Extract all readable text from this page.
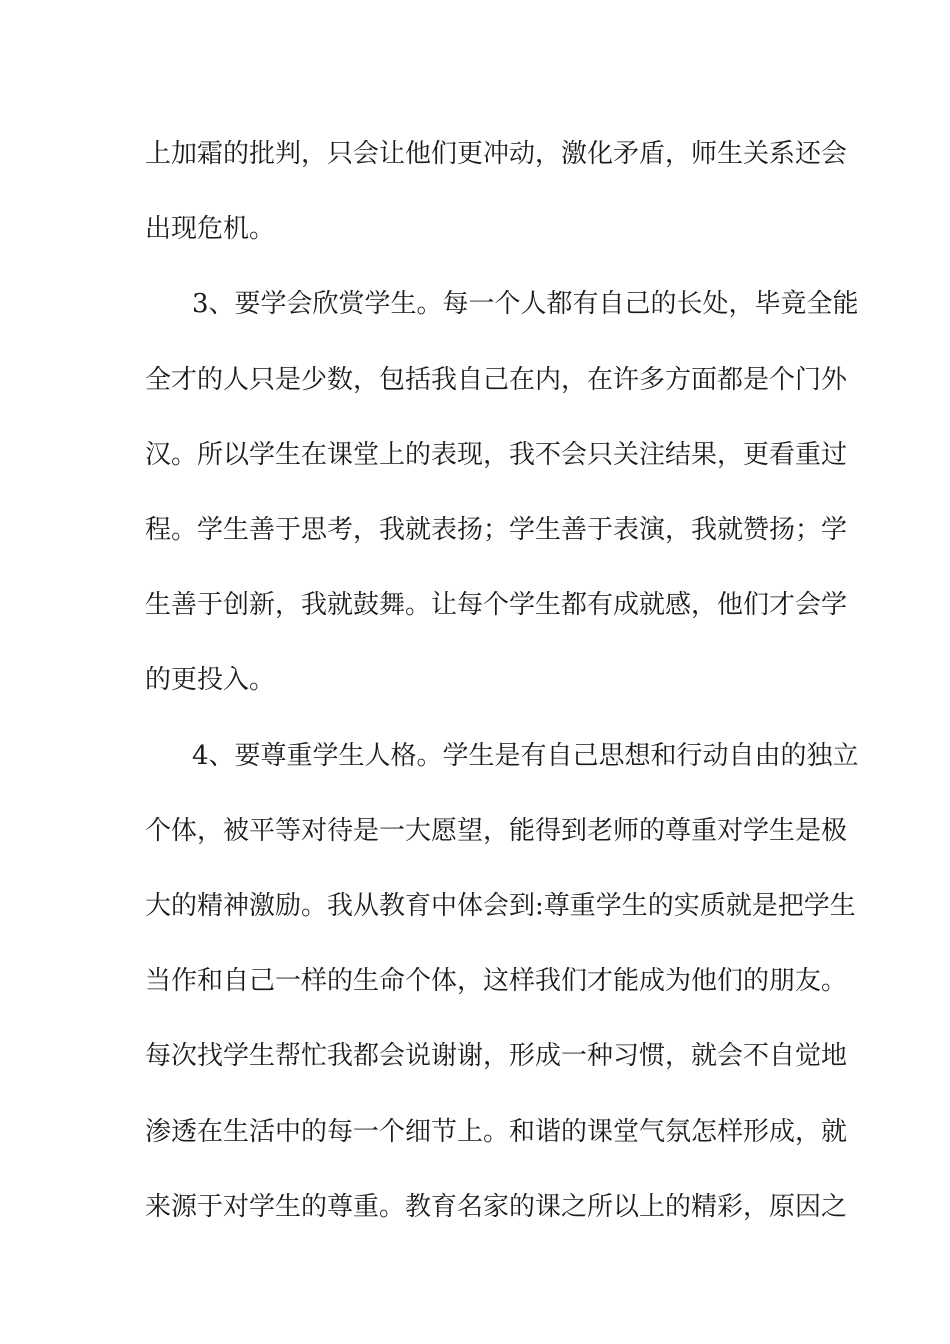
上加霜的批判，只会让他们更冲动，激化矛盾，师生关系还会
出现危机。
3、要学会欣赏学生。每一个人都有自己的长处，毕竟全能
全才的人只是少数，包括我自己在内，在许多方面都是个门外
汉。所以学生在课堂上的表现，我不会只关注结果，更看重过
程。学生善于思考，我就表扬；学生善于表演，我就赞扬；学
生善于创新，我就鼓舞。让每个学生都有成就感，他们才会学
的更投入。
4、要尊重学生人格。学生是有自己思想和行动自由的独立
个体，被平等对待是一大愿望，能得到老师的尊重对学生是极
大的精神激励。我从教育中体会到:尊重学生的实质就是把学生
当作和自己一样的生命个体，这样我们才能成为他们的朋友。
每次找学生帮忙我都会说谢谢，形成一种习惯，就会不自觉地
渗透在生活中的每一个细节上。和谐的课堂气氛怎样形成，就
来源于对学生的尊重。教育名家的课之所以上的精彩，原因之
